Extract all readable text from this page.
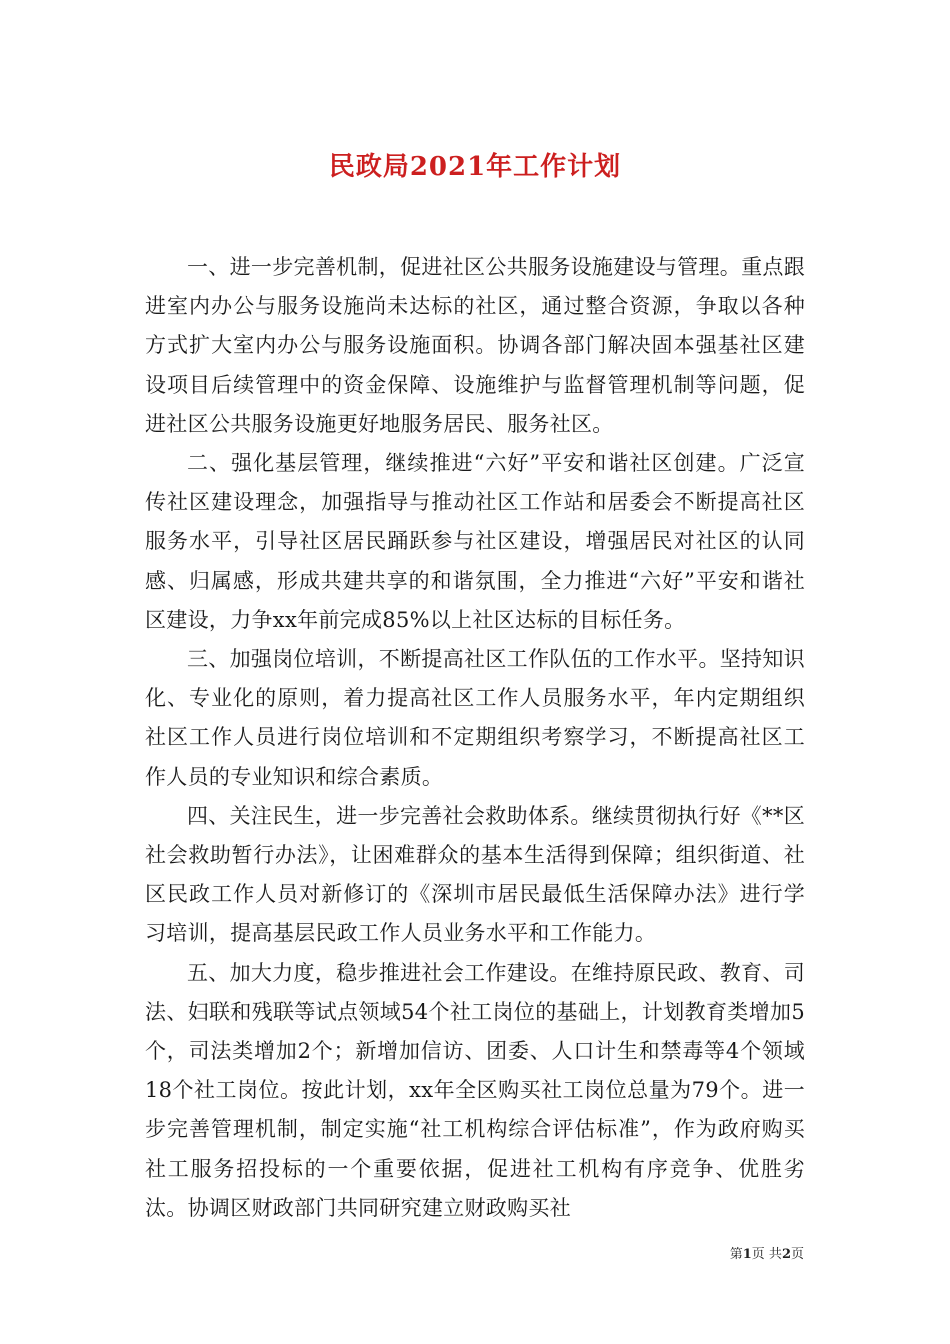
民政局2021年工作计划

一、进一步完善机制，促进社区公共服务设施建设与管理。重点跟进室内办公与服务设施尚未达标的社区，通过整合资源，争取以各种方式扩大室内办公与服务设施面积。协调各部门解决固本强基社区建设项目后续管理中的资金保障、设施维护与监督管理机制等问题，促进社区公共服务设施更好地服务居民、服务社区。

二、强化基层管理，继续推进“六好”平安和谐社区创建。广泛宣传社区建设理念，加强指导与推动社区工作站和居委会不断提高社区服务水平，引导社区居民踊跃参与社区建设，增强居民对社区的认同感、归属感，形成共建共享的和谐氛围，全力推进“六好”平安和谐社区建设，力争xx年前完成85%以上社区达标的目标任务。

三、加强岗位培训，不断提高社区工作队伍的工作水平。坚持知识化、专业化的原则，着力提高社区工作人员服务水平，年内定期组织社区工作人员进行岗位培训和不定期组织考察学习，不断提高社区工作人员的专业知识和综合素质。

四、关注民生，进一步完善社会救助体系。继续贯彻执行好《**区社会救助暂行办法》，让困难群众的基本生活得到保障；组织街道、社区民政工作人员对新修订的《深圳市居民最低生活保障办法》进行学习培训，提高基层民政工作人员业务水平和工作能力。

五、加大力度，稳步推进社会工作建设。在维持原民政、教育、司法、妇联和残联等试点领域54个社工岗位的基础上，计划教育类增加5个，司法类增加2个；新增加信访、团委、人口计生和禁毒等4个领域18个社工岗位。按此计划，xx年全区购买社工岗位总量为79个。进一步完善管理机制，制定实施“社工机构综合评估标准”，作为政府购买社工服务招投标的一个重要依据，促进社工机构有序竞争、优胜劣汰。协调区财政部门共同研究建立财政购买社

第1页 共2页
